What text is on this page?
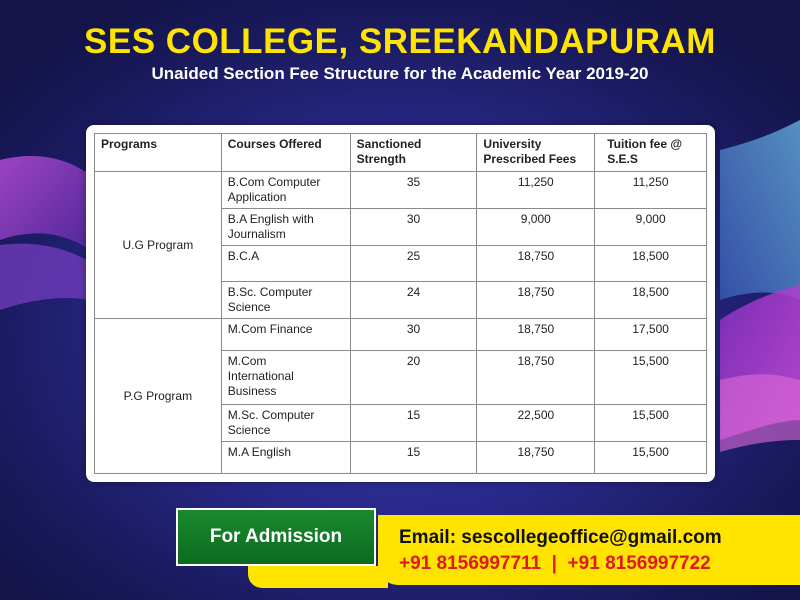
SES COLLEGE, SREEKANDAPURAM
Unaided Section Fee Structure for the Academic Year 2019-20
Programs	Courses Offered	Sanctioned Strength	University Prescribed Fees	Tuition fee @ S.E.S
U.G Program	B.Com Computer Application	35	11,250	11,250
	B.A English with Journalism	30	9,000	9,000
	B.C.A	25	18,750	18,500
	B.Sc. Computer Science	24	18,750	18,500
P.G Program	M.Com Finance	30	18,750	17,500
	M.Com International Business	20	18,750	15,500
	M.Sc. Computer Science	15	22,500	15,500
	M.A English	15	18,750	15,500
For Admission	Email: sescollegeoffice@gmail.com
+91 8156997711  |  +91 8156997722
